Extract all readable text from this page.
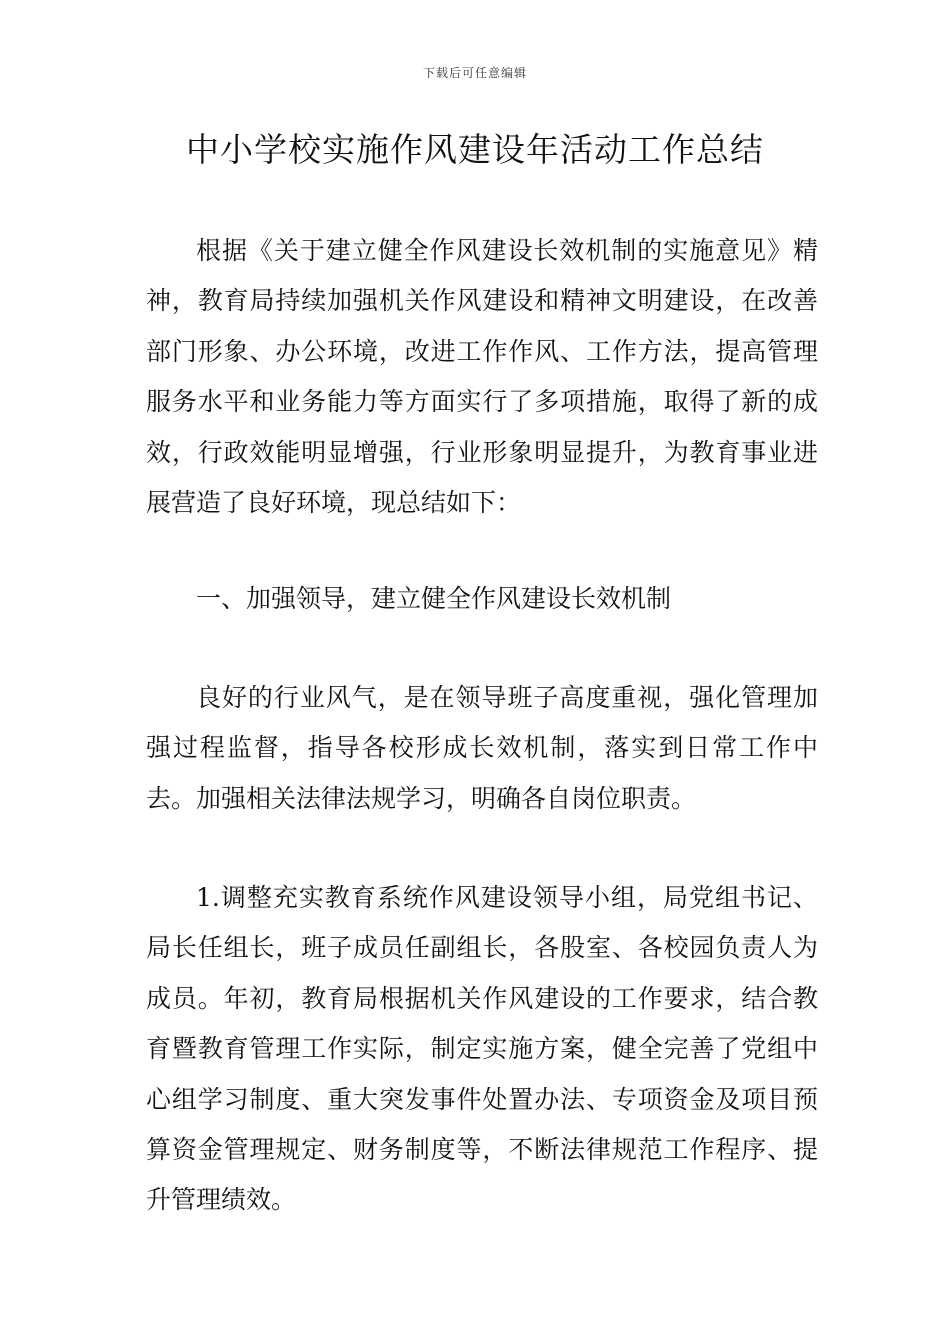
下载后可任意编辑
中小学校实施作风建设年活动工作总结

根据《关于建立健全作风建设长效机制的实施意见》精神，教育局持续加强机关作风建设和精神文明建设，在改善部门形象、办公环境，改进工作作风、工作方法，提高管理服务水平和业务能力等方面实行了多项措施，取得了新的成效，行政效能明显增强，行业形象明显提升，为教育事业进展营造了良好环境，现总结如下：

一、加强领导，建立健全作风建设长效机制

良好的行业风气，是在领导班子高度重视，强化管理加强过程监督，指导各校形成长效机制，落实到日常工作中去。加强相关法律法规学习，明确各自岗位职责。

1.调整充实教育系统作风建设领导小组，局党组书记、局长任组长，班子成员任副组长，各股室、各校园负责人为成员。年初，教育局根据机关作风建设的工作要求，结合教育暨教育管理工作实际，制定实施方案，健全完善了党组中心组学习制度、重大突发事件处置办法、专项资金及项目预算资金管理规定、财务制度等，不断法律规范工作程序、提升管理绩效。
